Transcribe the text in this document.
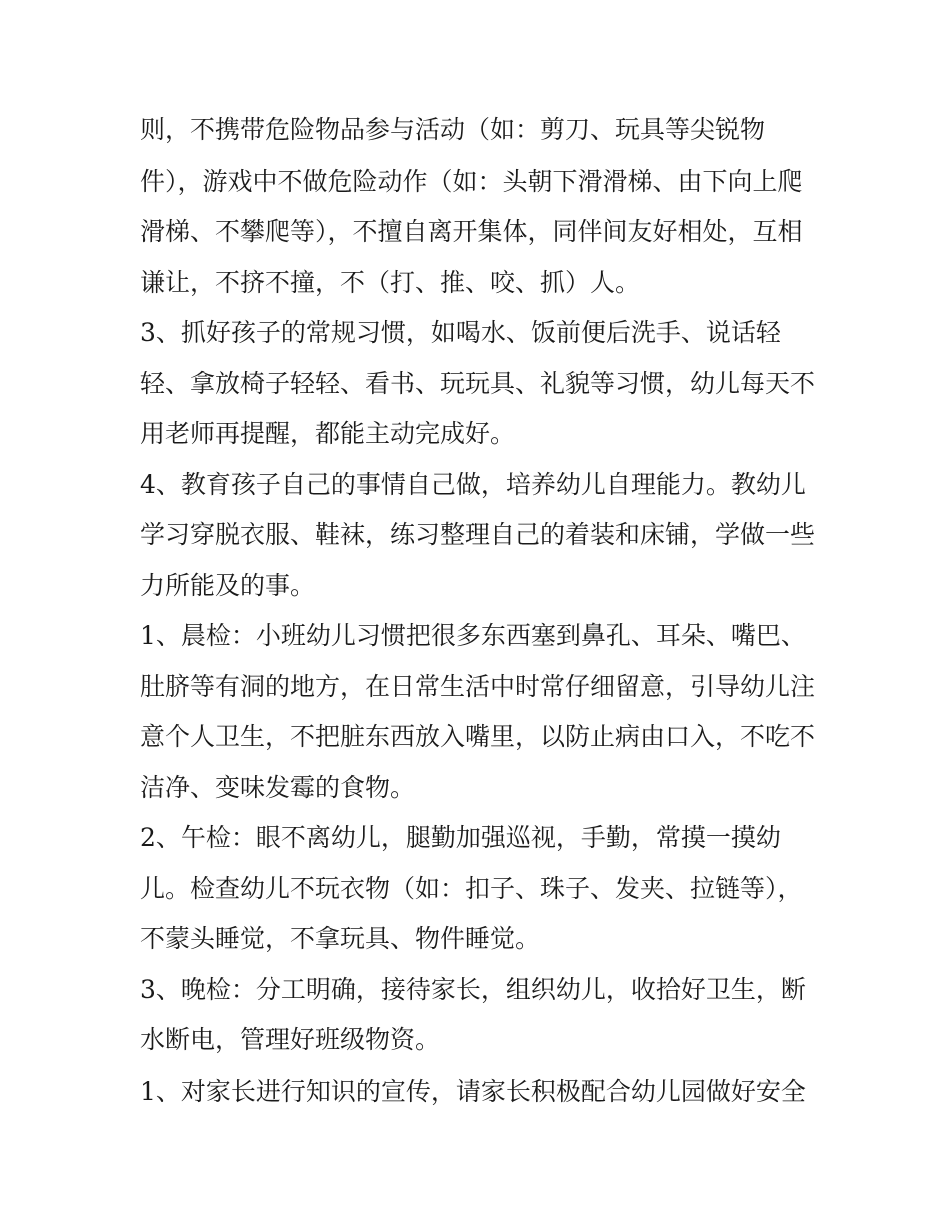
则，不携带危险物品参与活动（如：剪刀、玩具等尖锐物
件），游戏中不做危险动作（如：头朝下滑滑梯、由下向上爬
滑梯、不攀爬等），不擅自离开集体，同伴间友好相处，互相
谦让，不挤不撞，不（打、推、咬、抓）人。
3、抓好孩子的常规习惯，如喝水、饭前便后洗手、说话轻
轻、拿放椅子轻轻、看书、玩玩具、礼貌等习惯，幼儿每天不
用老师再提醒，都能主动完成好。
4、教育孩子自己的事情自己做，培养幼儿自理能力。教幼儿
学习穿脱衣服、鞋袜，练习整理自己的着装和床铺，学做一些
力所能及的事。
1、晨检：小班幼儿习惯把很多东西塞到鼻孔、耳朵、嘴巴、
肚脐等有洞的地方，在日常生活中时常仔细留意，引导幼儿注
意个人卫生，不把脏东西放入嘴里，以防止病由口入，不吃不
洁净、变味发霉的食物。
2、午检：眼不离幼儿，腿勤加强巡视，手勤，常摸一摸幼
儿。检查幼儿不玩衣物（如：扣子、珠子、发夹、拉链等），
不蒙头睡觉，不拿玩具、物件睡觉。
3、晚检：分工明确，接待家长，组织幼儿，收拾好卫生，断
水断电，管理好班级物资。
1、对家长进行知识的宣传，请家长积极配合幼儿园做好安全
